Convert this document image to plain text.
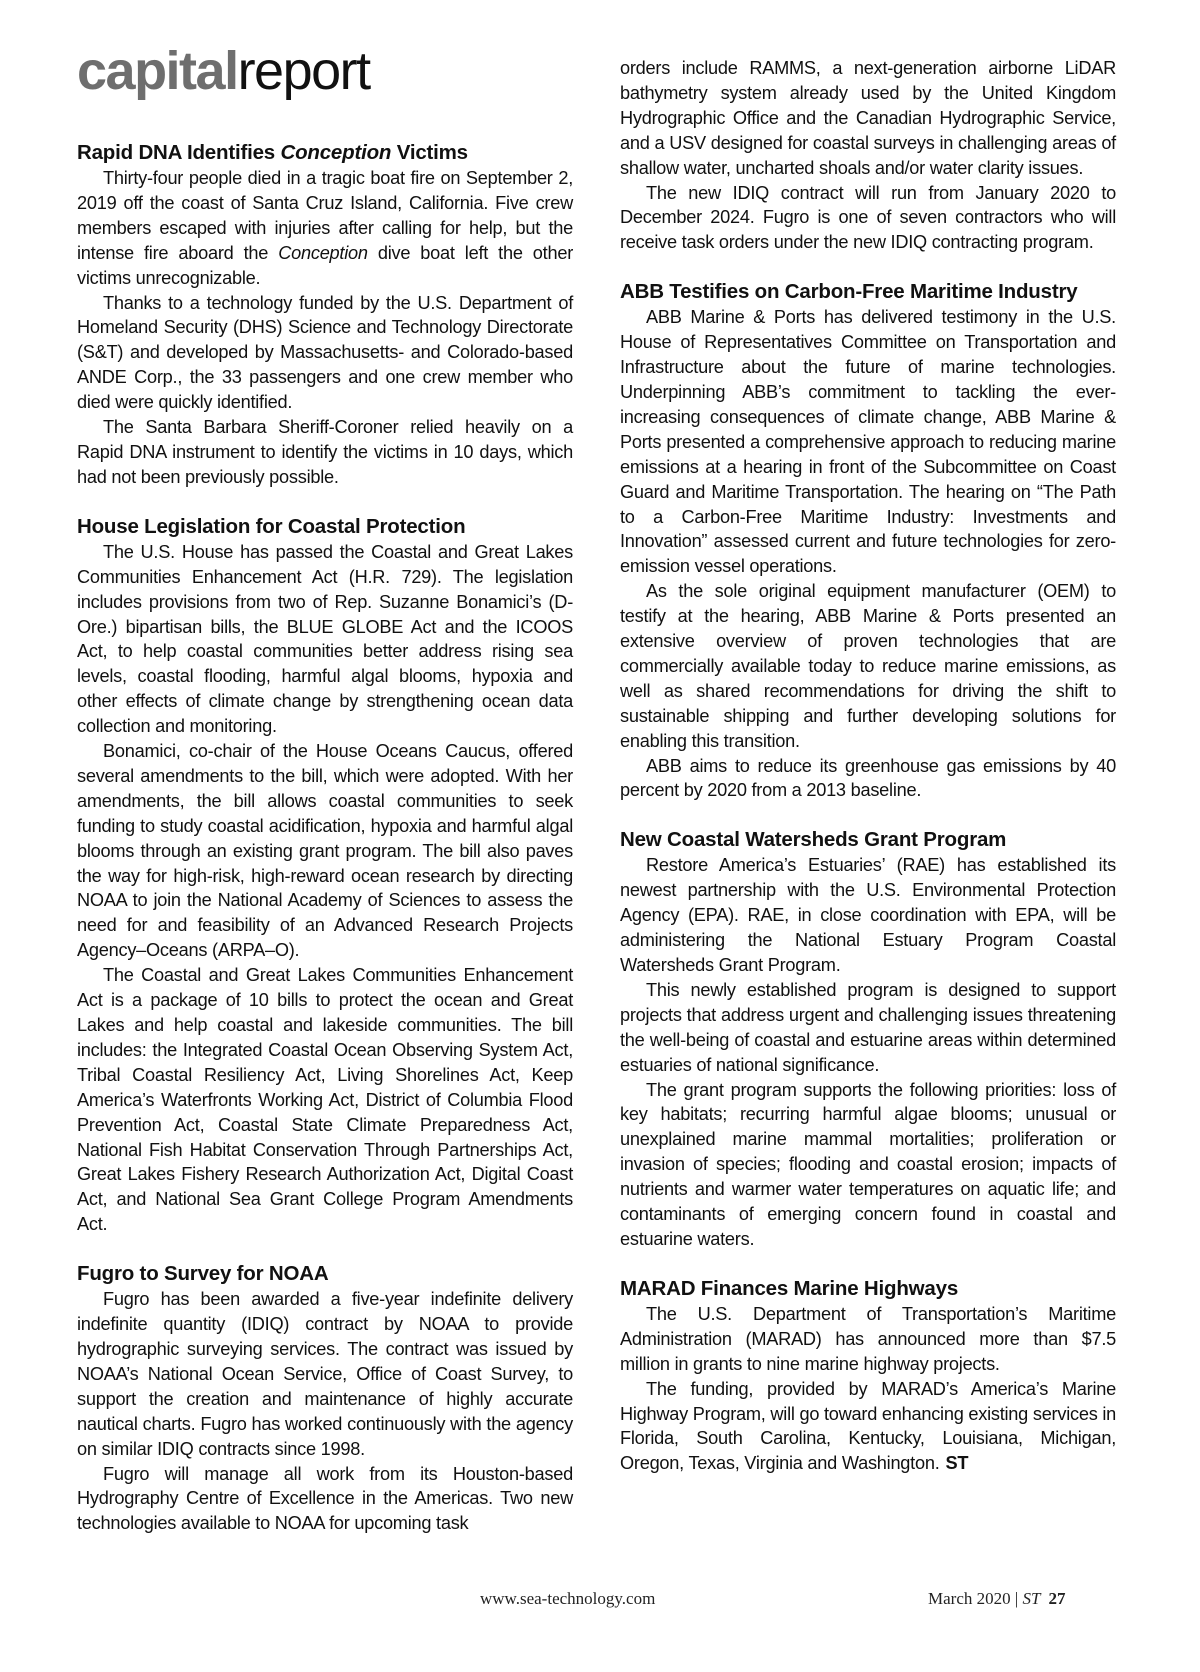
capitalreport
Rapid DNA Identifies Conception Victims

Thirty-four people died in a tragic boat fire on September 2, 2019 off the coast of Santa Cruz Island, California. Five crew members escaped with injuries after calling for help, but the intense fire aboard the Conception dive boat left the other victims unrecognizable.

Thanks to a technology funded by the U.S. Department of Homeland Security (DHS) Science and Technology Directorate (S&T) and developed by Massachusetts- and Colorado-based ANDE Corp., the 33 passengers and one crew member who died were quickly identified.

The Santa Barbara Sheriff-Coroner relied heavily on a Rapid DNA instrument to identify the victims in 10 days, which had not been previously possible.

House Legislation for Coastal Protection

The U.S. House has passed the Coastal and Great Lakes Communities Enhancement Act (H.R. 729). The legislation includes provisions from two of Rep. Suzanne Bonamici’s (D-Ore.) bipartisan bills, the BLUE GLOBE Act and the ICOOS Act, to help coastal communities better address rising sea levels, coastal flooding, harmful algal blooms, hypoxia and other effects of climate change by strengthening ocean data collection and monitoring.

Bonamici, co-chair of the House Oceans Caucus, offered several amendments to the bill, which were adopted. With her amendments, the bill allows coastal communities to seek funding to study coastal acidification, hypoxia and harmful algal blooms through an existing grant program. The bill also paves the way for high-risk, high-reward ocean research by directing NOAA to join the National Academy of Sciences to assess the need for and feasibility of an Advanced Research Projects Agency–Oceans (ARPA–O).

The Coastal and Great Lakes Communities Enhancement Act is a package of 10 bills to protect the ocean and Great Lakes and help coastal and lakeside communities. The bill includes: the Integrated Coastal Ocean Observing System Act, Tribal Coastal Resiliency Act, Living Shorelines Act, Keep America’s Waterfronts Working Act, District of Columbia Flood Prevention Act, Coastal State Climate Preparedness Act, National Fish Habitat Conservation Through Partnerships Act, Great Lakes Fishery Research Authorization Act, Digital Coast Act, and National Sea Grant College Program Amendments Act.

Fugro to Survey for NOAA

Fugro has been awarded a five-year indefinite delivery indefinite quantity (IDIQ) contract by NOAA to provide hydrographic surveying services. The contract was issued by NOAA’s National Ocean Service, Office of Coast Survey, to support the creation and maintenance of highly accurate nautical charts. Fugro has worked continuously with the agency on similar IDIQ contracts since 1998.

Fugro will manage all work from its Houston-based Hydrography Centre of Excellence in the Americas. Two new technologies available to NOAA for upcoming task

orders include RAMMS, a next-generation airborne LiDAR bathymetry system already used by the United Kingdom Hydrographic Office and the Canadian Hydrographic Service, and a USV designed for coastal surveys in challenging areas of shallow water, uncharted shoals and/or water clarity issues.

The new IDIQ contract will run from January 2020 to December 2024. Fugro is one of seven contractors who will receive task orders under the new IDIQ contracting program.

ABB Testifies on Carbon-Free Maritime Industry

ABB Marine & Ports has delivered testimony in the U.S. House of Representatives Committee on Transportation and Infrastructure about the future of marine technologies. Underpinning ABB’s commitment to tackling the ever-increasing consequences of climate change, ABB Marine & Ports presented a comprehensive approach to reducing marine emissions at a hearing in front of the Subcommittee on Coast Guard and Maritime Transportation. The hearing on “The Path to a Carbon-Free Maritime Industry: Investments and Innovation” assessed current and future technologies for zero-emission vessel operations.

As the sole original equipment manufacturer (OEM) to testify at the hearing, ABB Marine & Ports presented an extensive overview of proven technologies that are commercially available today to reduce marine emissions, as well as shared recommendations for driving the shift to sustainable shipping and further developing solutions for enabling this transition.

ABB aims to reduce its greenhouse gas emissions by 40 percent by 2020 from a 2013 baseline.

New Coastal Watersheds Grant Program

Restore America’s Estuaries’ (RAE) has established its newest partnership with the U.S. Environmental Protection Agency (EPA). RAE, in close coordination with EPA, will be administering the National Estuary Program Coastal Watersheds Grant Program.

This newly established program is designed to support projects that address urgent and challenging issues threatening the well-being of coastal and estuarine areas within determined estuaries of national significance.

The grant program supports the following priorities: loss of key habitats; recurring harmful algae blooms; unusual or unexplained marine mammal mortalities; proliferation or invasion of species; flooding and coastal erosion; impacts of nutrients and warmer water temperatures on aquatic life; and contaminants of emerging concern found in coastal and estuarine waters.

MARAD Finances Marine Highways

The U.S. Department of Transportation’s Maritime Administration (MARAD) has announced more than $7.5 million in grants to nine marine highway projects.

The funding, provided by MARAD’s America’s Marine Highway Program, will go toward enhancing existing services in Florida, South Carolina, Kentucky, Louisiana, Michigan, Oregon, Texas, Virginia and Washington. ST

www.sea-technology.com	March 2020 | ST 27
